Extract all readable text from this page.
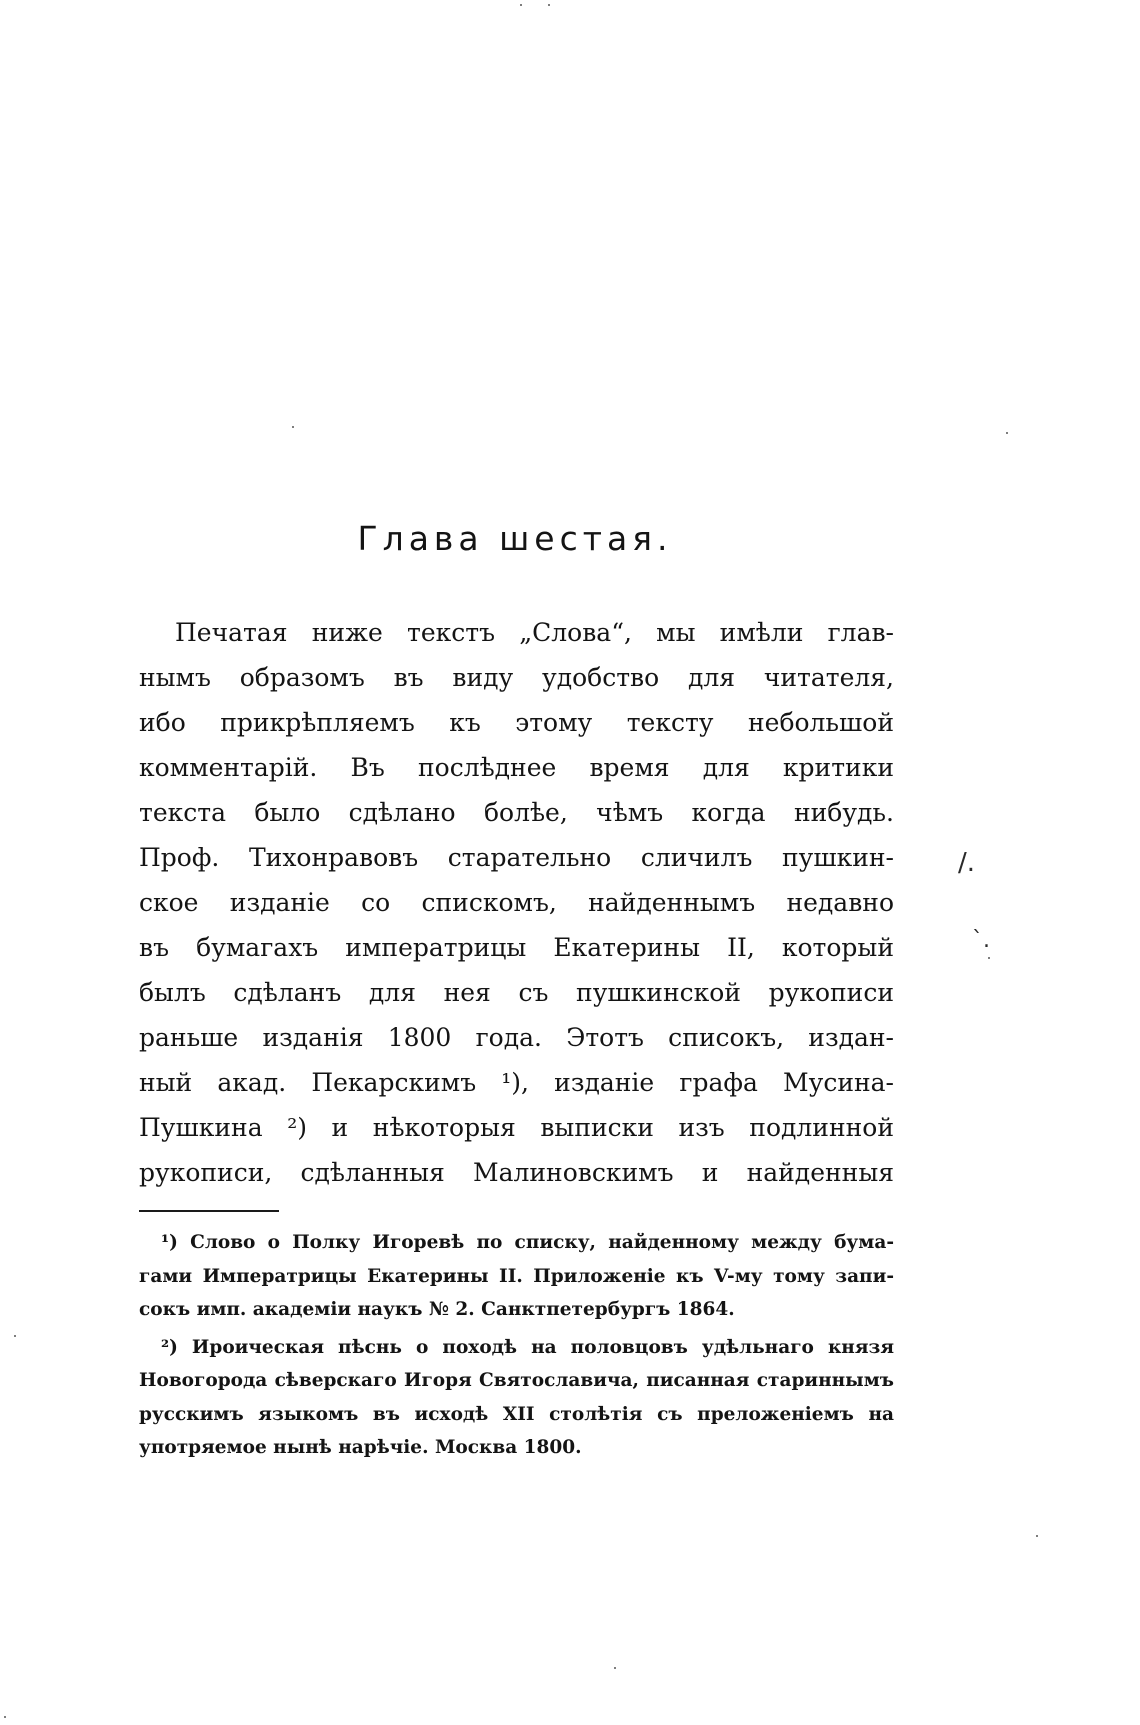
Глава шестая.
Печатая ниже текстъ „Слова“, мы имѣли глав-
нымъ образомъ въ виду удобство для читателя,
ибо прикрѣпляемъ къ этому тексту небольшой
комментарій. Въ послѣднее время для критики
текста было сдѣлано болѣе, чѣмъ когда нибудь.
Проф. Тихонравовъ старательно сличилъ пушкин-
ское изданіе со спискомъ, найденнымъ недавно
въ бумагахъ императрицы Екатерины II, который
былъ сдѣланъ для нея съ пушкинской рукописи
раньше изданія 1800 года. Этотъ списокъ, издан-
ный акад. Пекарскимъ ¹), изданіе графа Мусина-
Пушкина ²) и нѣкоторыя выписки изъ подлинной
рукописи, сдѣланныя Малиновскимъ и найденныя
¹) Слово о Полку Игоревѣ по списку, найденному между бума-
гами Императрицы Екатерины II. Приложеніе къ V-му тому запи-
сокъ имп. академіи наукъ № 2. Санктпетербургъ 1864.
²) Ироическая пѣснь о походѣ на половцовъ удѣльнаго князя
Новогорода сѣверскаго Игоря Святославича, писанная стариннымъ
русскимъ языкомъ въ исходѣ XII столѣтія съ преложеніемъ на
употряемое нынѣ нарѣчіе. Москва 1800.
/.
`.
